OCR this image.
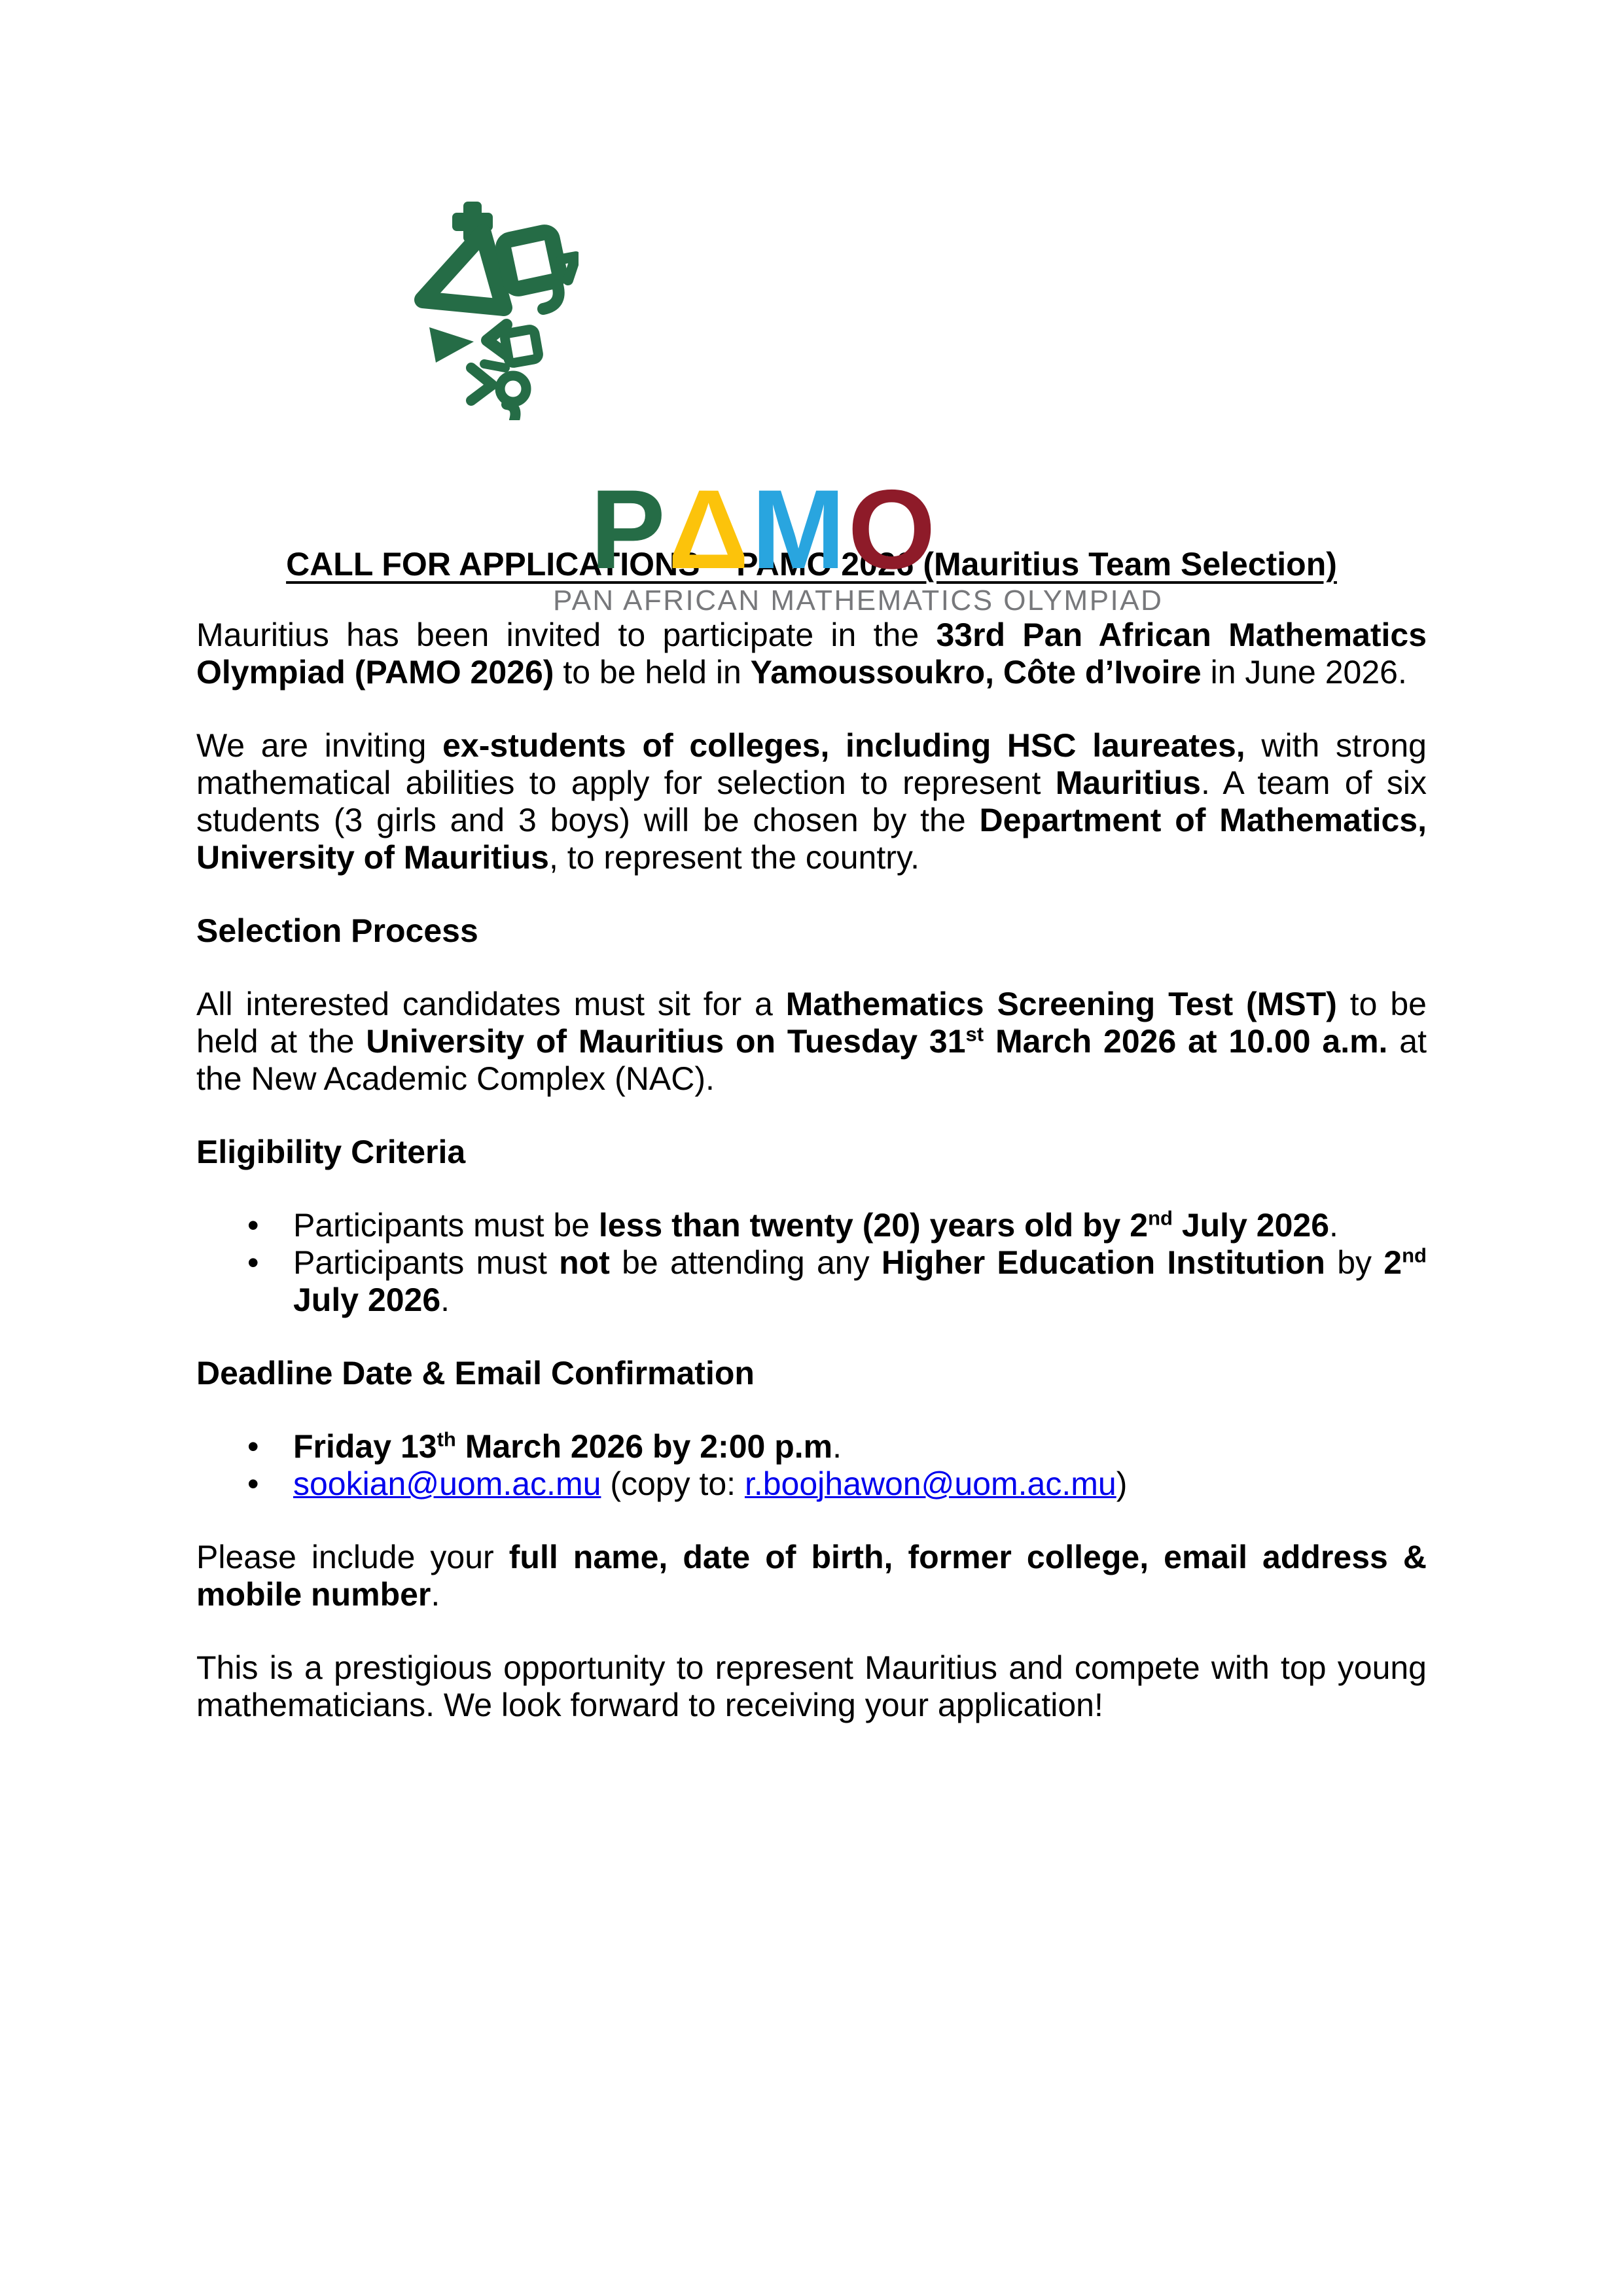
PΔMO
PAN AFRICAN MATHEMATICS OLYMPIAD
CALL FOR APPLICATIONS – PAMO 2026 (Mauritius Team Selection)

Mauritius has been invited to participate in the 33rd Pan African Mathematics Olympiad (PAMO 2026) to be held in Yamoussoukro, Côte d’Ivoire in June 2026.

We are inviting ex-students of colleges, including HSC laureates, with strong mathematical abilities to apply for selection to represent Mauritius. A team of six students (3 girls and 3 boys) will be chosen by the Department of Mathematics, University of Mauritius, to represent the country.

Selection Process

All interested candidates must sit for a Mathematics Screening Test (MST) to be held at the University of Mauritius on Tuesday 31st March 2026 at 10.00 a.m. at the New Academic Complex (NAC).

Eligibility Criteria
• Participants must be less than twenty (20) years old by 2nd July 2026.
• Participants must not be attending any Higher Education Institution by 2nd July 2026.
Deadline Date & Email Confirmation
• Friday 13th March 2026 by 2:00 p.m.
• sookian@uom.ac.mu (copy to: r.boojhawon@uom.ac.mu)

Please include your full name, date of birth, former college, email address & mobile number.

This is a prestigious opportunity to represent Mauritius and compete with top young mathematicians. We look forward to receiving your application!
